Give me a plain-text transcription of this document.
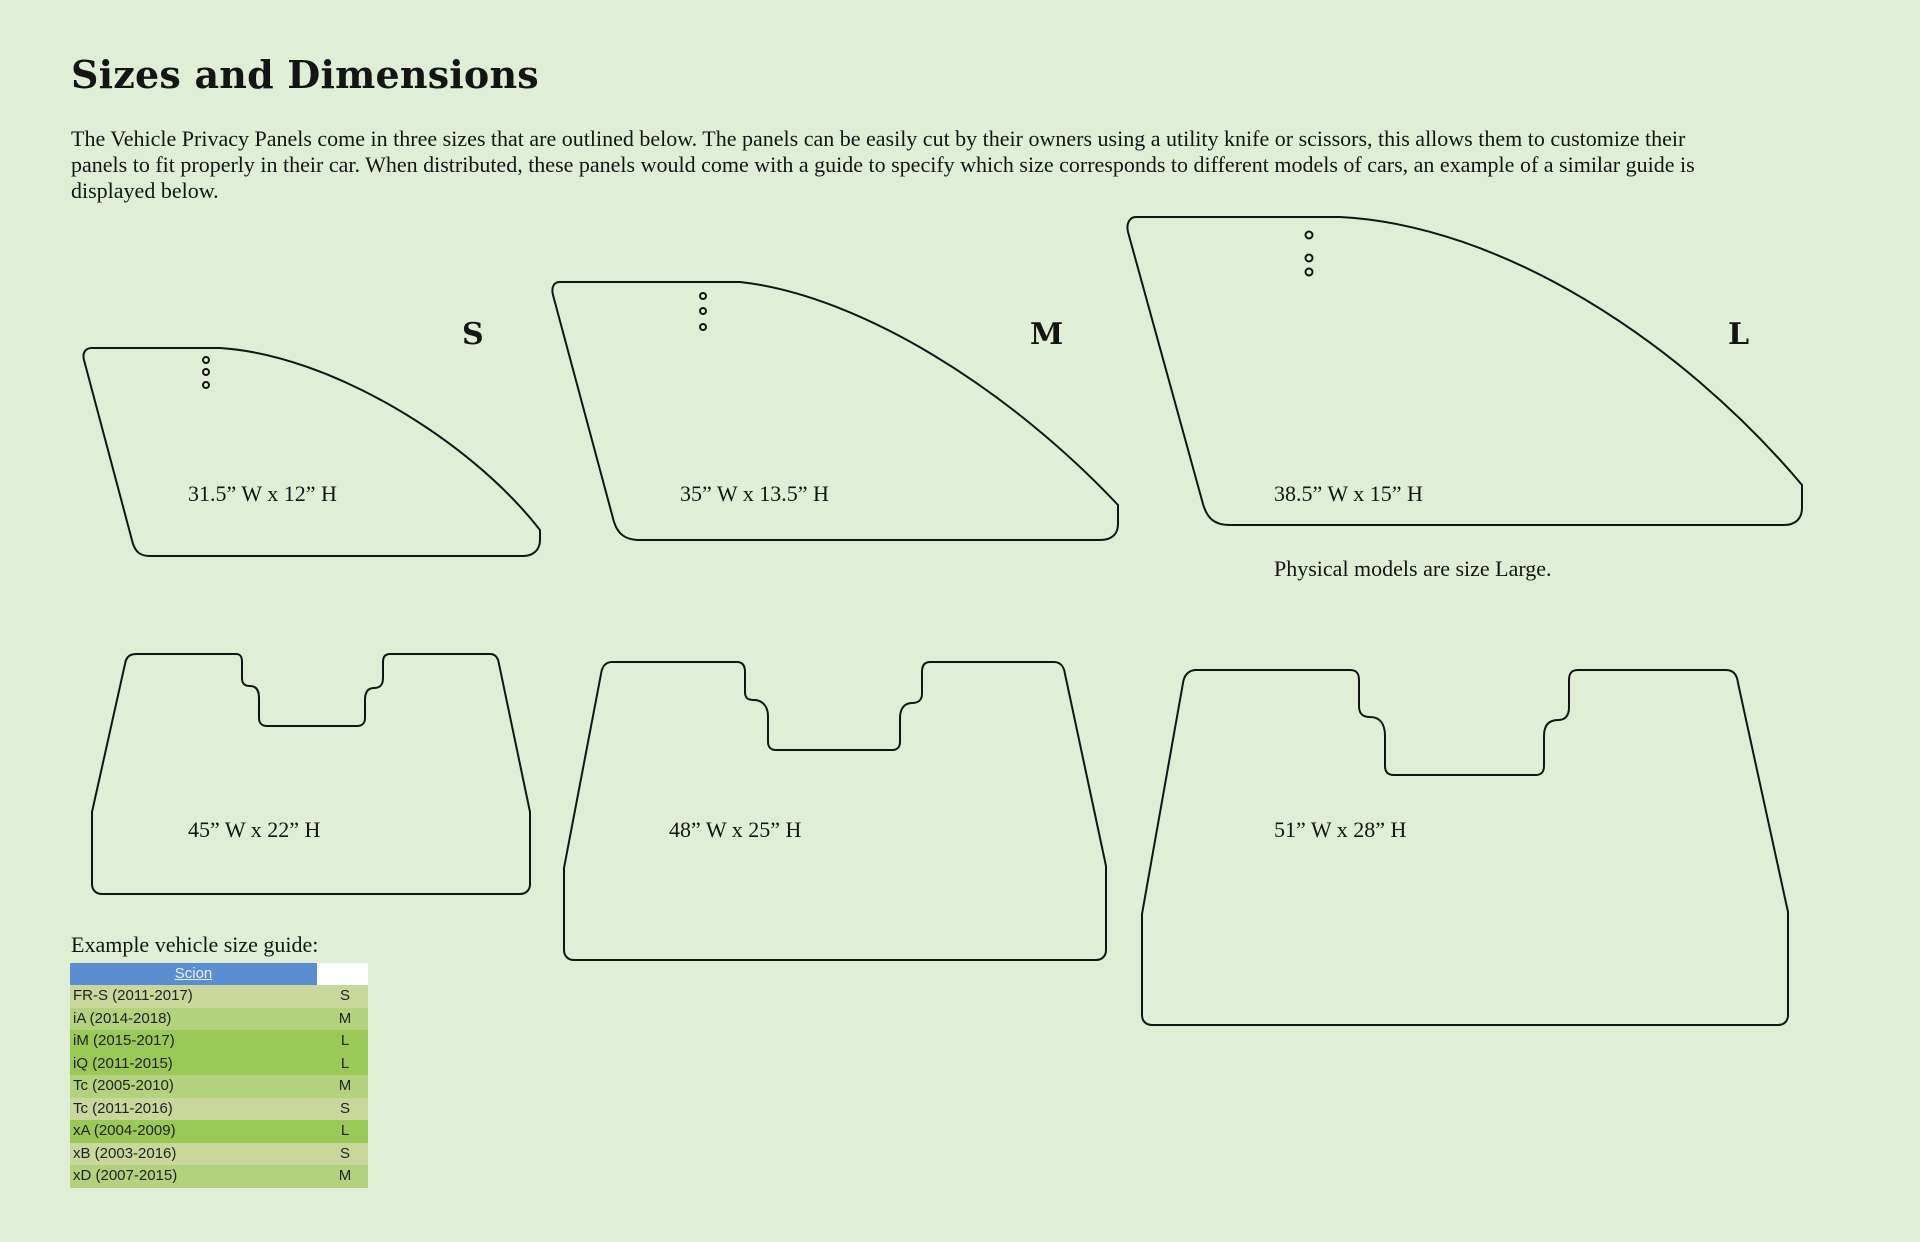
Sizes and Dimensions

The Vehicle Privacy Panels come in three sizes that are outlined below. The panels can be easily cut by their owners using a utility knife or scissors, this allows them to customize their panels to fit properly in their car. When distributed, these panels would come with a guide to specify which size corresponds to different models of cars, an example of a similar guide is displayed below.

S	M	L
31.5” W x 12” H	35” W x 13.5” H	38.5” W x 15” H
45” W x 22” H	48” W x 25” H	51” W x 28” H
Physical models are size Large.
Example vehicle size guide:
Scion
FR-S (2011-2017)	S
iA (2014-2018)	M
iM (2015-2017)	L
iQ (2011-2015)	L
Tc (2005-2010)	M
Tc (2011-2016)	S
xA (2004-2009)	L
xB (2003-2016)	S
xD (2007-2015)	M
